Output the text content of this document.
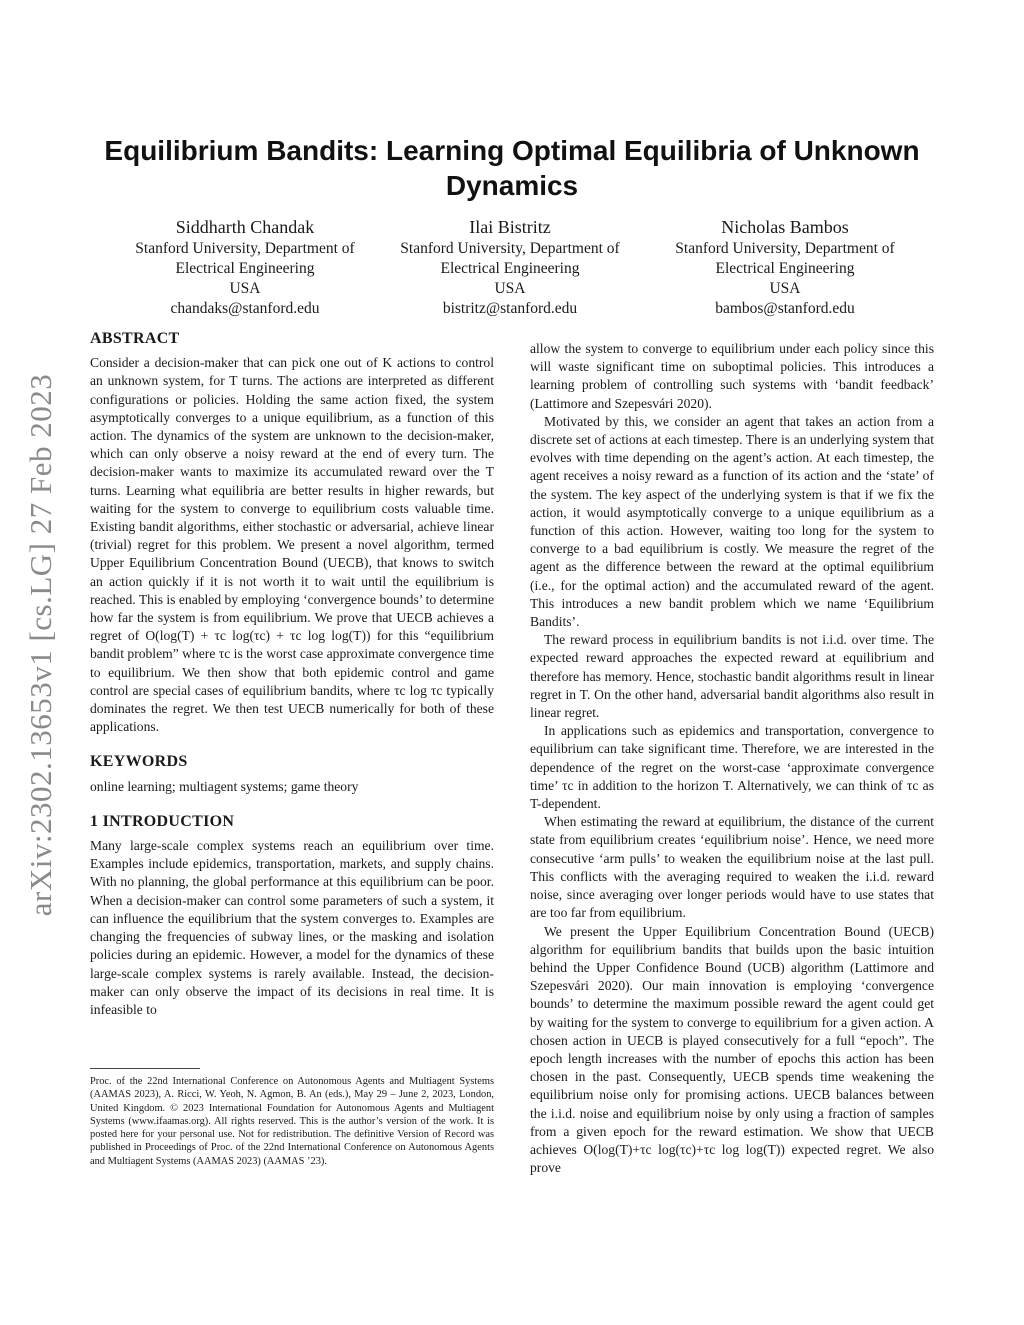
arXiv:2302.13653v1 [cs.LG] 27 Feb 2023
Equilibrium Bandits: Learning Optimal Equilibria of Unknown Dynamics
Siddharth Chandak
Stanford University, Department of Electrical Engineering
USA
chandaks@stanford.edu
Ilai Bistritz
Stanford University, Department of Electrical Engineering
USA
bistritz@stanford.edu
Nicholas Bambos
Stanford University, Department of Electrical Engineering
USA
bambos@stanford.edu
ABSTRACT

Consider a decision-maker that can pick one out of K actions to control an unknown system, for T turns. The actions are interpreted as different configurations or policies. Holding the same action fixed, the system asymptotically converges to a unique equilibrium, as a function of this action. The dynamics of the system are unknown to the decision-maker, which can only observe a noisy reward at the end of every turn. The decision-maker wants to maximize its accumulated reward over the T turns. Learning what equilibria are better results in higher rewards, but waiting for the system to converge to equilibrium costs valuable time. Existing bandit algorithms, either stochastic or adversarial, achieve linear (trivial) regret for this problem. We present a novel algorithm, termed Upper Equilibrium Concentration Bound (UECB), that knows to switch an action quickly if it is not worth it to wait until the equilibrium is reached. This is enabled by employing ‘convergence bounds’ to determine how far the system is from equilibrium. We prove that UECB achieves a regret of O(log(T) + τc log(τc) + τc log log(T)) for this “equilibrium bandit problem” where τc is the worst case approximate convergence time to equilibrium. We then show that both epidemic control and game control are special cases of equilibrium bandits, where τc log τc typically dominates the regret. We then test UECB numerically for both of these applications.

KEYWORDS

online learning; multiagent systems; game theory

1 INTRODUCTION

Many large-scale complex systems reach an equilibrium over time. Examples include epidemics, transportation, markets, and supply chains. With no planning, the global performance at this equilibrium can be poor. When a decision-maker can control some parameters of such a system, it can influence the equilibrium that the system converges to. Examples are changing the frequencies of subway lines, or the masking and isolation policies during an epidemic. However, a model for the dynamics of these large-scale complex systems is rarely available. Instead, the decision-maker can only observe the impact of its decisions in real time. It is infeasible to

Proc. of the 22nd International Conference on Autonomous Agents and Multiagent Systems (AAMAS 2023), A. Ricci, W. Yeoh, N. Agmon, B. An (eds.), May 29 – June 2, 2023, London, United Kingdom. © 2023 International Foundation for Autonomous Agents and Multiagent Systems (www.ifaamas.org). All rights reserved. This is the author’s version of the work. It is posted here for your personal use. Not for redistribution. The definitive Version of Record was published in Proceedings of Proc. of the 22nd International Conference on Autonomous Agents and Multiagent Systems (AAMAS 2023) (AAMAS ’23).

allow the system to converge to equilibrium under each policy since this will waste significant time on suboptimal policies. This introduces a learning problem of controlling such systems with ‘bandit feedback’ (Lattimore and Szepesvári 2020).

Motivated by this, we consider an agent that takes an action from a discrete set of actions at each timestep. There is an underlying system that evolves with time depending on the agent’s action. At each timestep, the agent receives a noisy reward as a function of its action and the ‘state’ of the system. The key aspect of the underlying system is that if we fix the action, it would asymptotically converge to a unique equilibrium as a function of this action. However, waiting too long for the system to converge to a bad equilibrium is costly. We measure the regret of the agent as the difference between the reward at the optimal equilibrium (i.e., for the optimal action) and the accumulated reward of the agent. This introduces a new bandit problem which we name ‘Equilibrium Bandits’.

The reward process in equilibrium bandits is not i.i.d. over time. The expected reward approaches the expected reward at equilibrium and therefore has memory. Hence, stochastic bandit algorithms result in linear regret in T. On the other hand, adversarial bandit algorithms also result in linear regret.

In applications such as epidemics and transportation, convergence to equilibrium can take significant time. Therefore, we are interested in the dependence of the regret on the worst-case ‘approximate convergence time’ τc in addition to the horizon T. Alternatively, we can think of τc as T-dependent.

When estimating the reward at equilibrium, the distance of the current state from equilibrium creates ‘equilibrium noise’. Hence, we need more consecutive ‘arm pulls’ to weaken the equilibrium noise at the last pull. This conflicts with the averaging required to weaken the i.i.d. reward noise, since averaging over longer periods would have to use states that are too far from equilibrium.

We present the Upper Equilibrium Concentration Bound (UECB) algorithm for equilibrium bandits that builds upon the basic intuition behind the Upper Confidence Bound (UCB) algorithm (Lattimore and Szepesvári 2020). Our main innovation is employing ‘convergence bounds’ to determine the maximum possible reward the agent could get by waiting for the system to converge to equilibrium for a given action. A chosen action in UECB is played consecutively for a full “epoch”. The epoch length increases with the number of epochs this action has been chosen in the past. Consequently, UECB spends time weakening the equilibrium noise only for promising actions. UECB balances between the i.i.d. noise and equilibrium noise by only using a fraction of samples from a given epoch for the reward estimation. We show that UECB achieves O(log(T)+τc log(τc)+τc log log(T)) expected regret. We also prove
